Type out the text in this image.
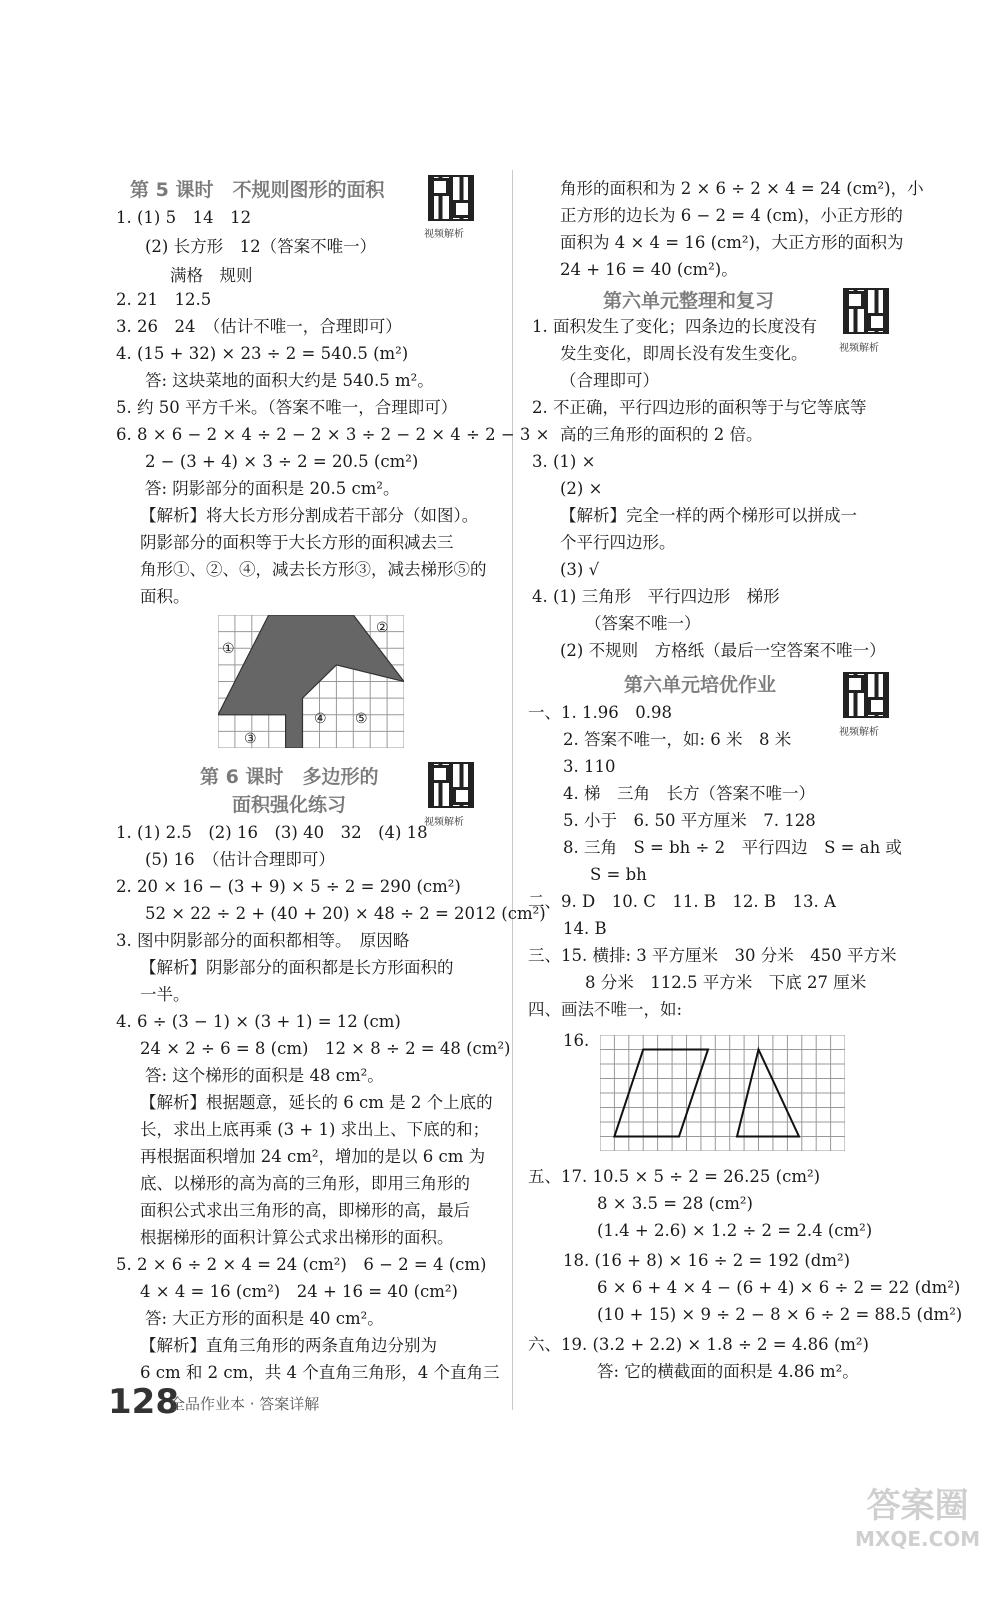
第 5 课时　不规则图形的面积
视频解析
1. (1) 5　14　12
(2) 长方形　12（答案不唯一）
满格　规则
2. 21　12.5
3. 26　24　（估计不唯一，合理即可）
4. (15 + 32) × 23 ÷ 2 = 540.5 (m²)
答: 这块菜地的面积大约是 540.5 m²。
5. 约 50 平方千米。（答案不唯一，合理即可）
6. 8 × 6 − 2 × 4 ÷ 2 − 2 × 3 ÷ 2 − 2 × 4 ÷ 2 − 3 ×
2 − (3 + 4) × 3 ÷ 2 = 20.5 (cm²)
答: 阴影部分的面积是 20.5 cm²。
【解析】将大长方形分割成若干部分（如图）。
阴影部分的面积等于大长方形的面积减去三
角形①、②、④，减去长方形③，减去梯形⑤的
面积。
①
②
③
④ ⑤
第 6 课时　多边形的
面积强化练习
视频解析
1. (1) 2.5　(2) 16　(3) 40　32　(4) 18
(5) 16　（估计合理即可）
2. 20 × 16 − (3 + 9) × 5 ÷ 2 = 290 (cm²)
52 × 22 ÷ 2 + (40 + 20) × 48 ÷ 2 = 2012 (cm²)
3. 图中阴影部分的面积都相等。　原因略
【解析】阴影部分的面积都是长方形面积的
一半。
4. 6 ÷ (3 − 1) × (3 + 1) = 12 (cm)
24 × 2 ÷ 6 = 8 (cm)　12 × 8 ÷ 2 = 48 (cm²)
答: 这个梯形的面积是 48 cm²。
【解析】根据题意，延长的 6 cm 是 2 个上底的
长，求出上底再乘 (3 + 1) 求出上、下底的和；
再根据面积增加 24 cm²，增加的是以 6 cm 为
底、以梯形的高为高的三角形，即用三角形的
面积公式求出三角形的高，即梯形的高，最后
根据梯形的面积计算公式求出梯形的面积。
5. 2 × 6 ÷ 2 × 4 = 24 (cm²)　6 − 2 = 4 (cm)
4 × 4 = 16 (cm²)　24 + 16 = 40 (cm²)
答: 大正方形的面积是 40 cm²。
【解析】直角三角形的两条直角边分别为
6 cm 和 2 cm，共 4 个直角三角形，4 个直角三
角形的面积和为 2 × 6 ÷ 2 × 4 = 24 (cm²)，小
正方形的边长为 6 − 2 = 4 (cm)，小正方形的
面积为 4 × 4 = 16 (cm²)，大正方形的面积为
24 + 16 = 40 (cm²)。
第六单元整理和复习
视频解析
1. 面积发生了变化；四条边的长度没有
发生变化，即周长没有发生变化。
（合理即可）
2. 不正确，平行四边形的面积等于与它等底等
高的三角形的面积的 2 倍。
3. (1) ×
(2) ×
【解析】完全一样的两个梯形可以拼成一
个平行四边形。
(3) √
4. (1) 三角形　平行四边形　梯形
（答案不唯一）
(2) 不规则　方格纸（最后一空答案不唯一）
第六单元培优作业
视频解析
一、1. 1.96　0.98
2. 答案不唯一，如: 6 米　8 米
3. 110
4. 梯　三角　长方（答案不唯一）
5. 小于　6. 50 平方厘米　7. 128
8. 三角　S = bh ÷ 2　平行四边　S = ah 或
S = bh
二、9. D　10. C　11. B　12. B　13. A
14. B
三、15. 横排: 3 平方厘米　30 分米　450 平方米
8 分米　112.5 平方米　下底 27 厘米
四、画法不唯一，如:
16.
五、17. 10.5 × 5 ÷ 2 = 26.25 (cm²)
8 × 3.5 = 28 (cm²)
(1.4 + 2.6) × 1.2 ÷ 2 = 2.4 (cm²)
18. (16 + 8) × 16 ÷ 2 = 192 (dm²)
6 × 6 + 4 × 4 − (6 + 4) × 6 ÷ 2 = 22 (dm²)
(10 + 15) × 9 ÷ 2 − 8 × 6 ÷ 2 = 88.5 (dm²)
六、19. (3.2 + 2.2) × 1.8 ÷ 2 = 4.86 (m²)
答: 它的横截面的面积是 4.86 m²。
128
全品作业本 · 答案详解
答案圈
MXQE.COM
